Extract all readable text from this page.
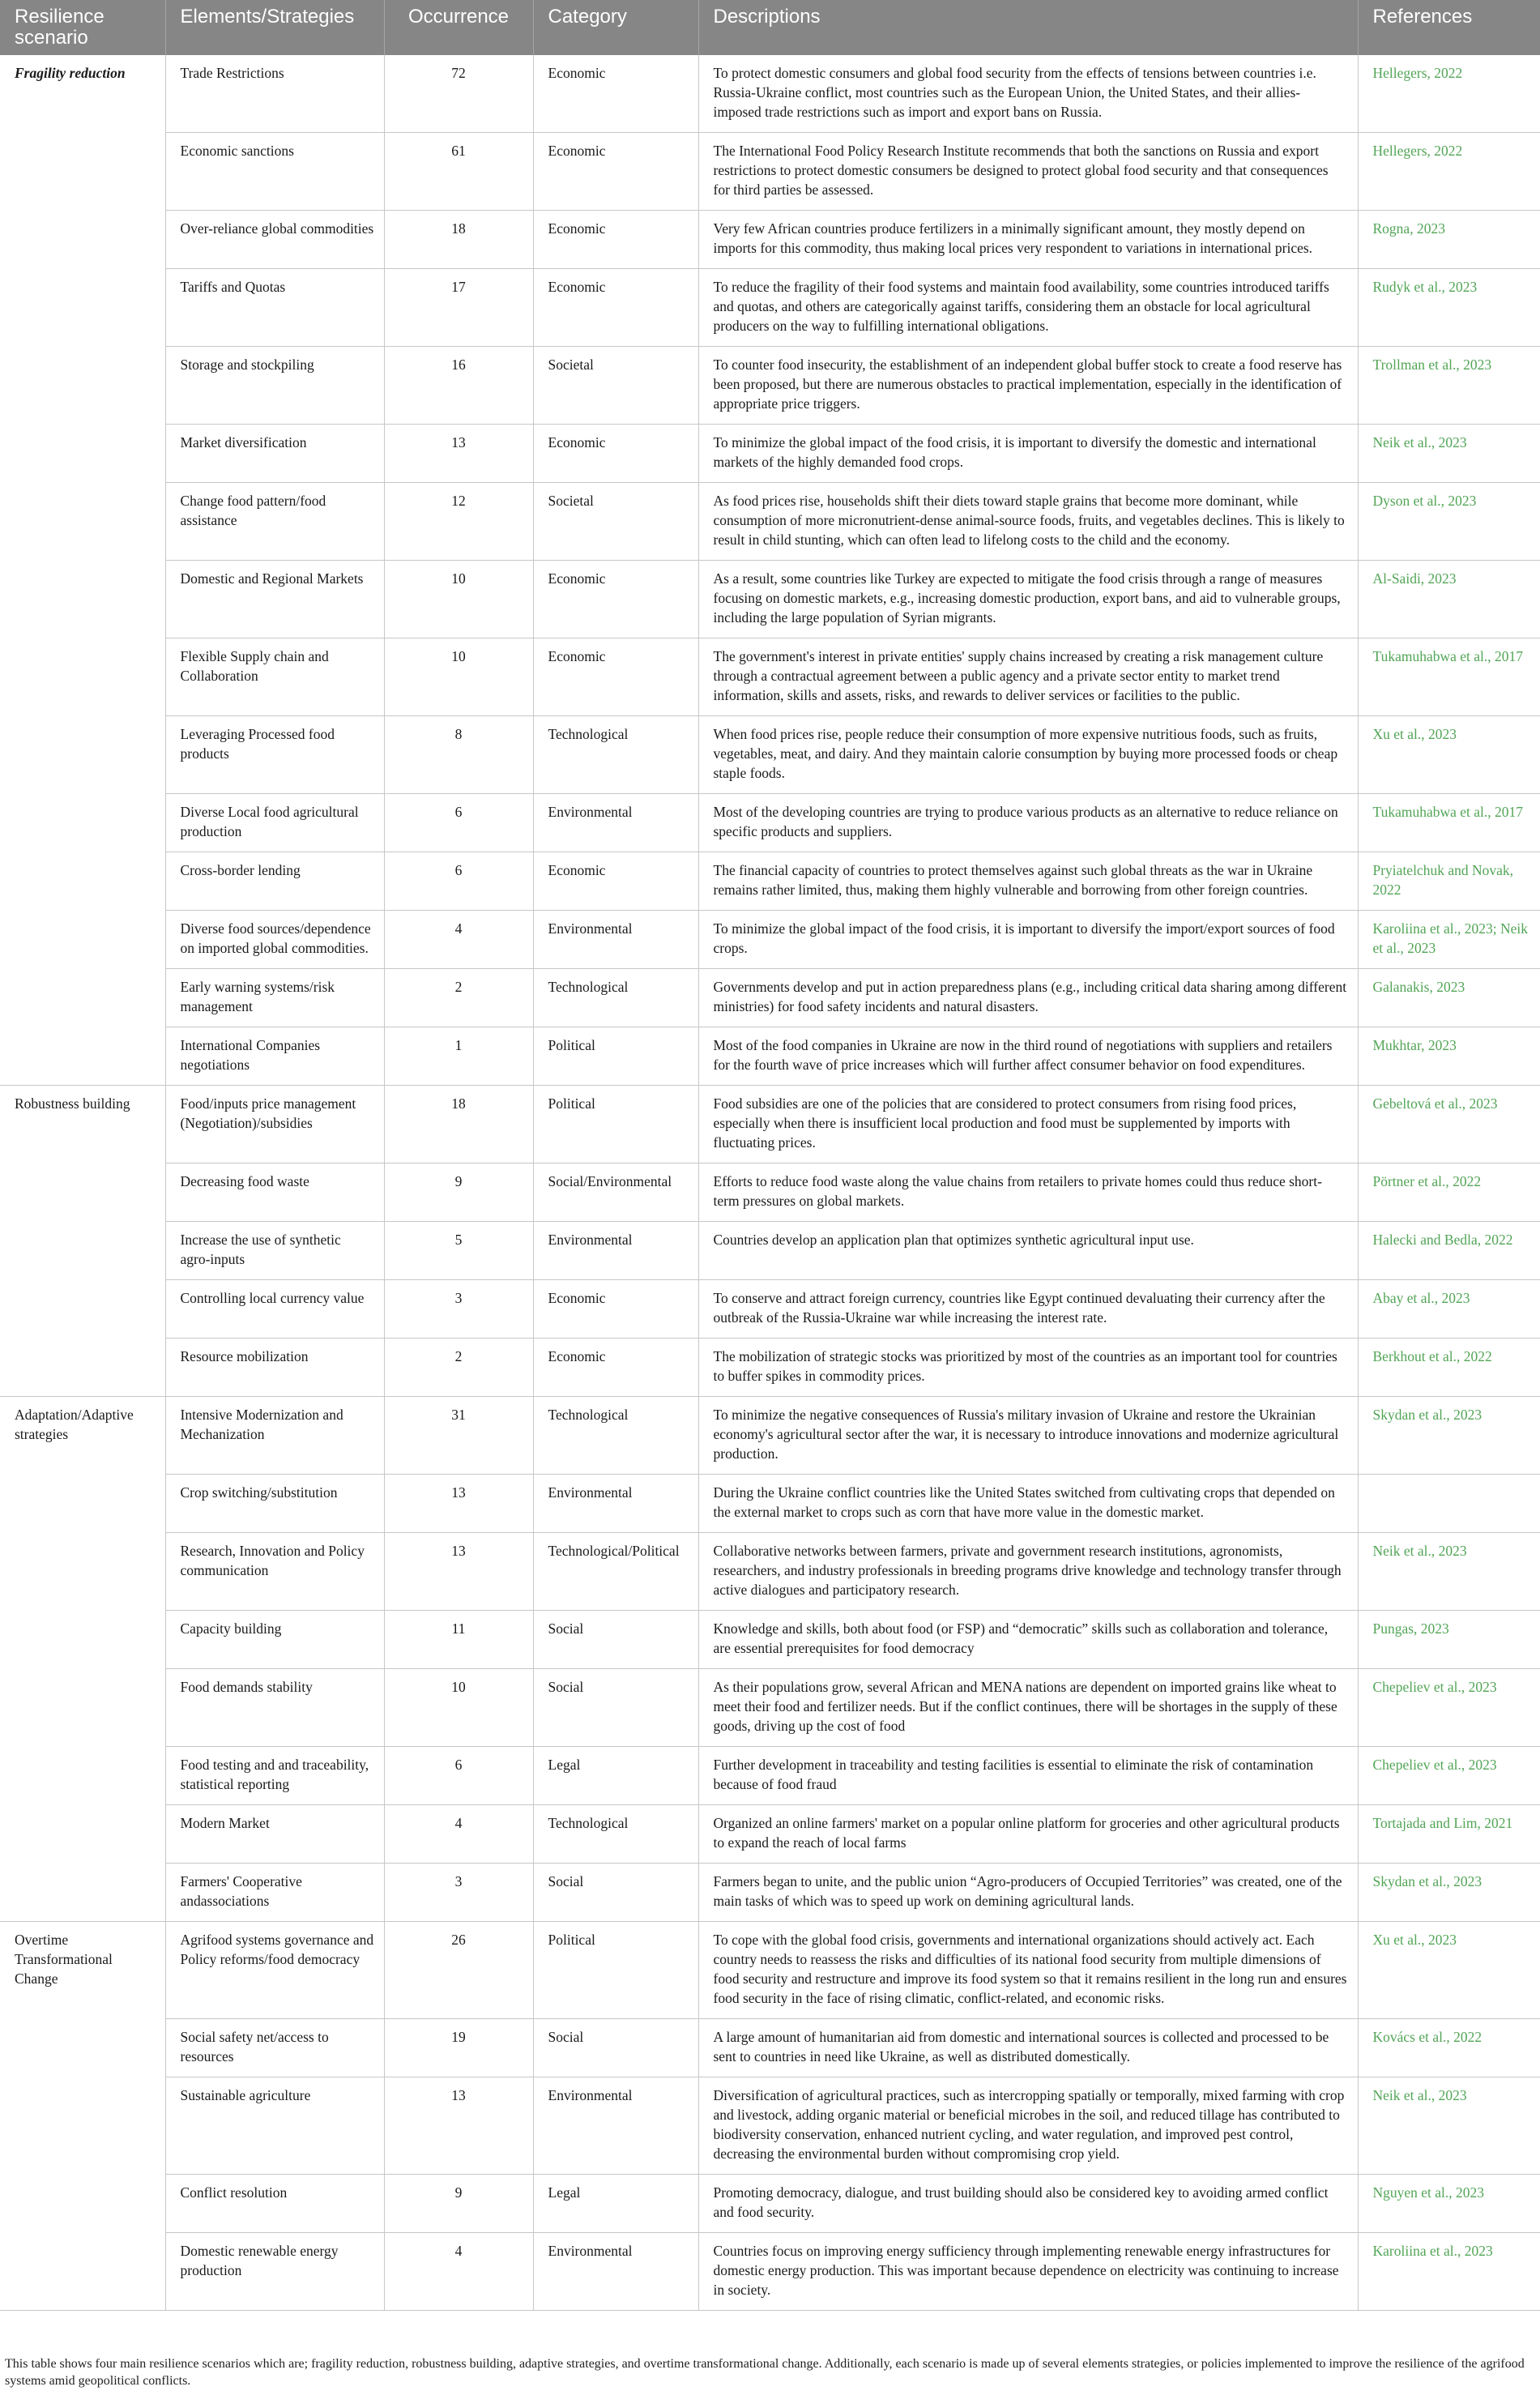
Resilience scenario	Elements/Strategies	Occurrence	Category	Descriptions	References
Fragility reduction	Trade Restrictions	72	Economic	To protect domestic consumers and global food security from the effects of tensions between countries i.e. Russia-Ukraine conflict, most countries such as the European Union, the United States, and their allies-imposed trade restrictions such as import and export bans on Russia.	Hellegers, 2022
	Economic sanctions	61	Economic	The International Food Policy Research Institute recommends that both the sanctions on Russia and export restrictions to protect domestic consumers be designed to protect global food security and that consequences for third parties be assessed.	Hellegers, 2022
	Over-reliance global commodities	18	Economic	Very few African countries produce fertilizers in a minimally significant amount, they mostly depend on imports for this commodity, thus making local prices very respondent to variations in international prices.	Rogna, 2023
	Tariffs and Quotas	17	Economic	To reduce the fragility of their food systems and maintain food availability, some countries introduced tariffs and quotas, and others are categorically against tariffs, considering them an obstacle for local agricultural producers on the way to fulfilling international obligations.	Rudyk et al., 2023
	Storage and stockpiling	16	Societal	To counter food insecurity, the establishment of an independent global buffer stock to create a food reserve has been proposed, but there are numerous obstacles to practical implementation, especially in the identification of appropriate price triggers.	Trollman et al., 2023
	Market diversification	13	Economic	To minimize the global impact of the food crisis, it is important to diversify the domestic and international markets of the highly demanded food crops.	Neik et al., 2023
	Change food pattern/food assistance	12	Societal	As food prices rise, households shift their diets toward staple grains that become more dominant, while consumption of more micronutrient-dense animal-source foods, fruits, and vegetables declines. This is likely to result in child stunting, which can often lead to lifelong costs to the child and the economy.	Dyson et al., 2023
	Domestic and Regional Markets	10	Economic	As a result, some countries like Turkey are expected to mitigate the food crisis through a range of measures focusing on domestic markets, e.g., increasing domestic production, export bans, and aid to vulnerable groups, including the large population of Syrian migrants.	Al-Saidi, 2023
	Flexible Supply chain and Collaboration	10	Economic	The government's interest in private entities' supply chains increased by creating a risk management culture through a contractual agreement between a public agency and a private sector entity to market trend information, skills and assets, risks, and rewards to deliver services or facilities to the public.	Tukamuhabwa et al., 2017
	Leveraging Processed food products	8	Technological	When food prices rise, people reduce their consumption of more expensive nutritious foods, such as fruits, vegetables, meat, and dairy. And they maintain calorie consumption by buying more processed foods or cheap staple foods.	Xu et al., 2023
	Diverse Local food agricultural production	6	Environmental	Most of the developing countries are trying to produce various products as an alternative to reduce reliance on specific products and suppliers.	Tukamuhabwa et al., 2017
	Cross-border lending	6	Economic	The financial capacity of countries to protect themselves against such global threats as the war in Ukraine remains rather limited, thus, making them highly vulnerable and borrowing from other foreign countries.	Pryiatelchuk and Novak, 2022
	Diverse food sources/dependence on imported global commodities.	4	Environmental	To minimize the global impact of the food crisis, it is important to diversify the import/export sources of food crops.	Karoliina et al., 2023; Neik et al., 2023
	Early warning systems/risk management	2	Technological	Governments develop and put in action preparedness plans (e.g., including critical data sharing among different ministries) for food safety incidents and natural disasters.	Galanakis, 2023
	International Companies negotiations	1	Political	Most of the food companies in Ukraine are now in the third round of negotiations with suppliers and retailers for the fourth wave of price increases which will further affect consumer behavior on food expenditures.	Mukhtar, 2023
Robustness building	Food/inputs price management (Negotiation)/subsidies	18	Political	Food subsidies are one of the policies that are considered to protect consumers from rising food prices, especially when there is insufficient local production and food must be supplemented by imports with fluctuating prices.	Gebeltová et al., 2023
	Decreasing food waste	9	Social/Environmental	Efforts to reduce food waste along the value chains from retailers to private homes could thus reduce short-term pressures on global markets.	Pörtner et al., 2022
	Increase the use of synthetic agro-inputs	5	Environmental	Countries develop an application plan that optimizes synthetic agricultural input use.	Halecki and Bedla, 2022
	Controlling local currency value	3	Economic	To conserve and attract foreign currency, countries like Egypt continued devaluating their currency after the outbreak of the Russia-Ukraine war while increasing the interest rate.	Abay et al., 2023
	Resource mobilization	2	Economic	The mobilization of strategic stocks was prioritized by most of the countries as an important tool for countries to buffer spikes in commodity prices.	Berkhout et al., 2022
Adaptation/Adaptive strategies	Intensive Modernization and Mechanization	31	Technological	To minimize the negative consequences of Russia's military invasion of Ukraine and restore the Ukrainian economy's agricultural sector after the war, it is necessary to introduce innovations and modernize agricultural production.	Skydan et al., 2023
	Crop switching/substitution	13	Environmental	During the Ukraine conflict countries like the United States switched from cultivating crops that depended on the external market to crops such as corn that have more value in the domestic market.	
	Research, Innovation and Policy communication	13	Technological/Political	Collaborative networks between farmers, private and government research institutions, agronomists, researchers, and industry professionals in breeding programs drive knowledge and technology transfer through active dialogues and participatory research.	Neik et al., 2023
	Capacity building	11	Social	Knowledge and skills, both about food (or FSP) and “democratic” skills such as collaboration and tolerance, are essential prerequisites for food democracy	Pungas, 2023
	Food demands stability	10	Social	As their populations grow, several African and MENA nations are dependent on imported grains like wheat to meet their food and fertilizer needs. But if the conflict continues, there will be shortages in the supply of these goods, driving up the cost of food	Chepeliev et al., 2023
	Food testing and and traceability, statistical reporting	6	Legal	Further development in traceability and testing facilities is essential to eliminate the risk of contamination because of food fraud	Chepeliev et al., 2023
	Modern Market	4	Technological	Organized an online farmers' market on a popular online platform for groceries and other agricultural products to expand the reach of local farms	Tortajada and Lim, 2021
	Farmers' Cooperative andassociations	3	Social	Farmers began to unite, and the public union “Agro-producers of Occupied Territories” was created, one of the main tasks of which was to speed up work on demining agricultural lands.	Skydan et al., 2023
Overtime Transformational Change	Agrifood systems governance and Policy reforms/food democracy	26	Political	To cope with the global food crisis, governments and international organizations should actively act. Each country needs to reassess the risks and difficulties of its national food security from multiple dimensions of food security and restructure and improve its food system so that it remains resilient in the long run and ensures food security in the face of rising climatic, conflict-related, and economic risks.	Xu et al., 2023
	Social safety net/access to resources	19	Social	A large amount of humanitarian aid from domestic and international sources is collected and processed to be sent to countries in need like Ukraine, as well as distributed domestically.	Kovács et al., 2022
	Sustainable agriculture	13	Environmental	Diversification of agricultural practices, such as intercropping spatially or temporally, mixed farming with crop and livestock, adding organic material or beneficial microbes in the soil, and reduced tillage has contributed to biodiversity conservation, enhanced nutrient cycling, and water regulation, and improved pest control, decreasing the environmental burden without compromising crop yield.	Neik et al., 2023
	Conflict resolution	9	Legal	Promoting democracy, dialogue, and trust building should also be considered key to avoiding armed conflict and food security.	Nguyen et al., 2023
	Domestic renewable energy production	4	Environmental	Countries focus on improving energy sufficiency through implementing renewable energy infrastructures for domestic energy production. This was important because dependence on electricity was continuing to increase in society.	Karoliina et al., 2023
This table shows four main resilience scenarios which are; fragility reduction, robustness building, adaptive strategies, and overtime transformational change. Additionally, each scenario is made up of several elements strategies, or policies implemented to improve the resilience of the agrifood systems amid geopolitical conflicts.
